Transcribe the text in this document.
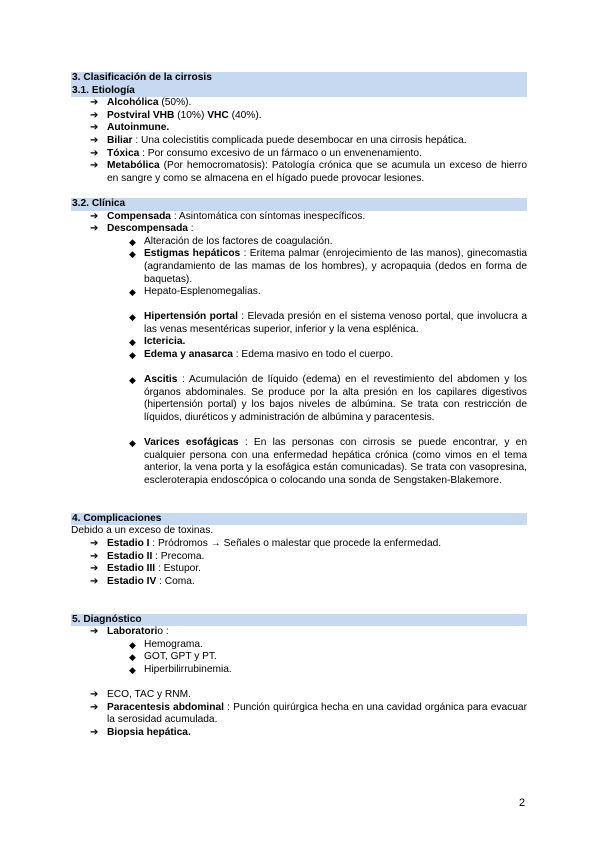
3. Clasificación de la cirrosis
3.1. Etiología
➔ Alcohólica (50%).
➔ Postviral VHB (10%) VHC (40%).
➔ Autoinmune.
➔ Biliar : Una colecistitis complicada puede desembocar en una cirrosis hepática.
➔ Tóxica : Por consumo excesivo de un fármaco o un envenenamiento.
➔ Metabólica (Por hemocromatosis): Patología crónica que se acumula un exceso de hierro en sangre y como se almacena en el hígado puede provocar lesiones.
3.2. Clínica
➔ Compensada : Asintomática con síntomas inespecíficos.
➔ Descompensada :
◆ Alteración de los factores de coagulación.
◆ Estigmas hepáticos : Eritema palmar (enrojecimiento de las manos), ginecomastia (agrandamiento de las mamas de los hombres), y acropaquia (dedos en forma de baquetas).
◆ Hepato-Esplenomegalias.
◆ Hipertensión portal : Elevada presión en el sistema venoso portal, que involucra a las venas mesentéricas superior, inferior y la vena esplénica.
◆ Ictericia.
◆ Edema y anasarca : Edema masivo en todo el cuerpo.
◆ Ascitis : Acumulación de líquido (edema) en el revestimiento del abdomen y los órganos abdominales. Se produce por la alta presión en los capilares digestivos (hipertensión portal) y los bajos niveles de albúmina. Se trata con restricción de líquidos, diuréticos y administración de albúmina y paracentesis.
◆ Varices esofágicas : En las personas con cirrosis se puede encontrar, y en cualquier persona con una enfermedad hepática crónica (como vimos en el tema anterior, la vena porta y la esofágica están comunicadas). Se trata con vasopresina, escleroterapia endoscópica o colocando una sonda de Sengstaken-Blakemore.
4. Complicaciones
Debido a un exceso de toxinas.
➔ Estadio I : Pródromos → Señales o malestar que procede la enfermedad.
➔ Estadio II : Precoma.
➔ Estadio III : Estupor.
➔ Estadio IV : Coma.
5. Diagnóstico
➔ Laboratorio :
◆ Hemograma.
◆ GOT, GPT y PT.
◆ Hiperbilirrubinemia.
➔ ECO, TAC y RNM.
➔ Paracentesis abdominal : Punción quirúrgica hecha en una cavidad orgánica para evacuar la serosidad acumulada.
➔ Biopsia hepática.
2
